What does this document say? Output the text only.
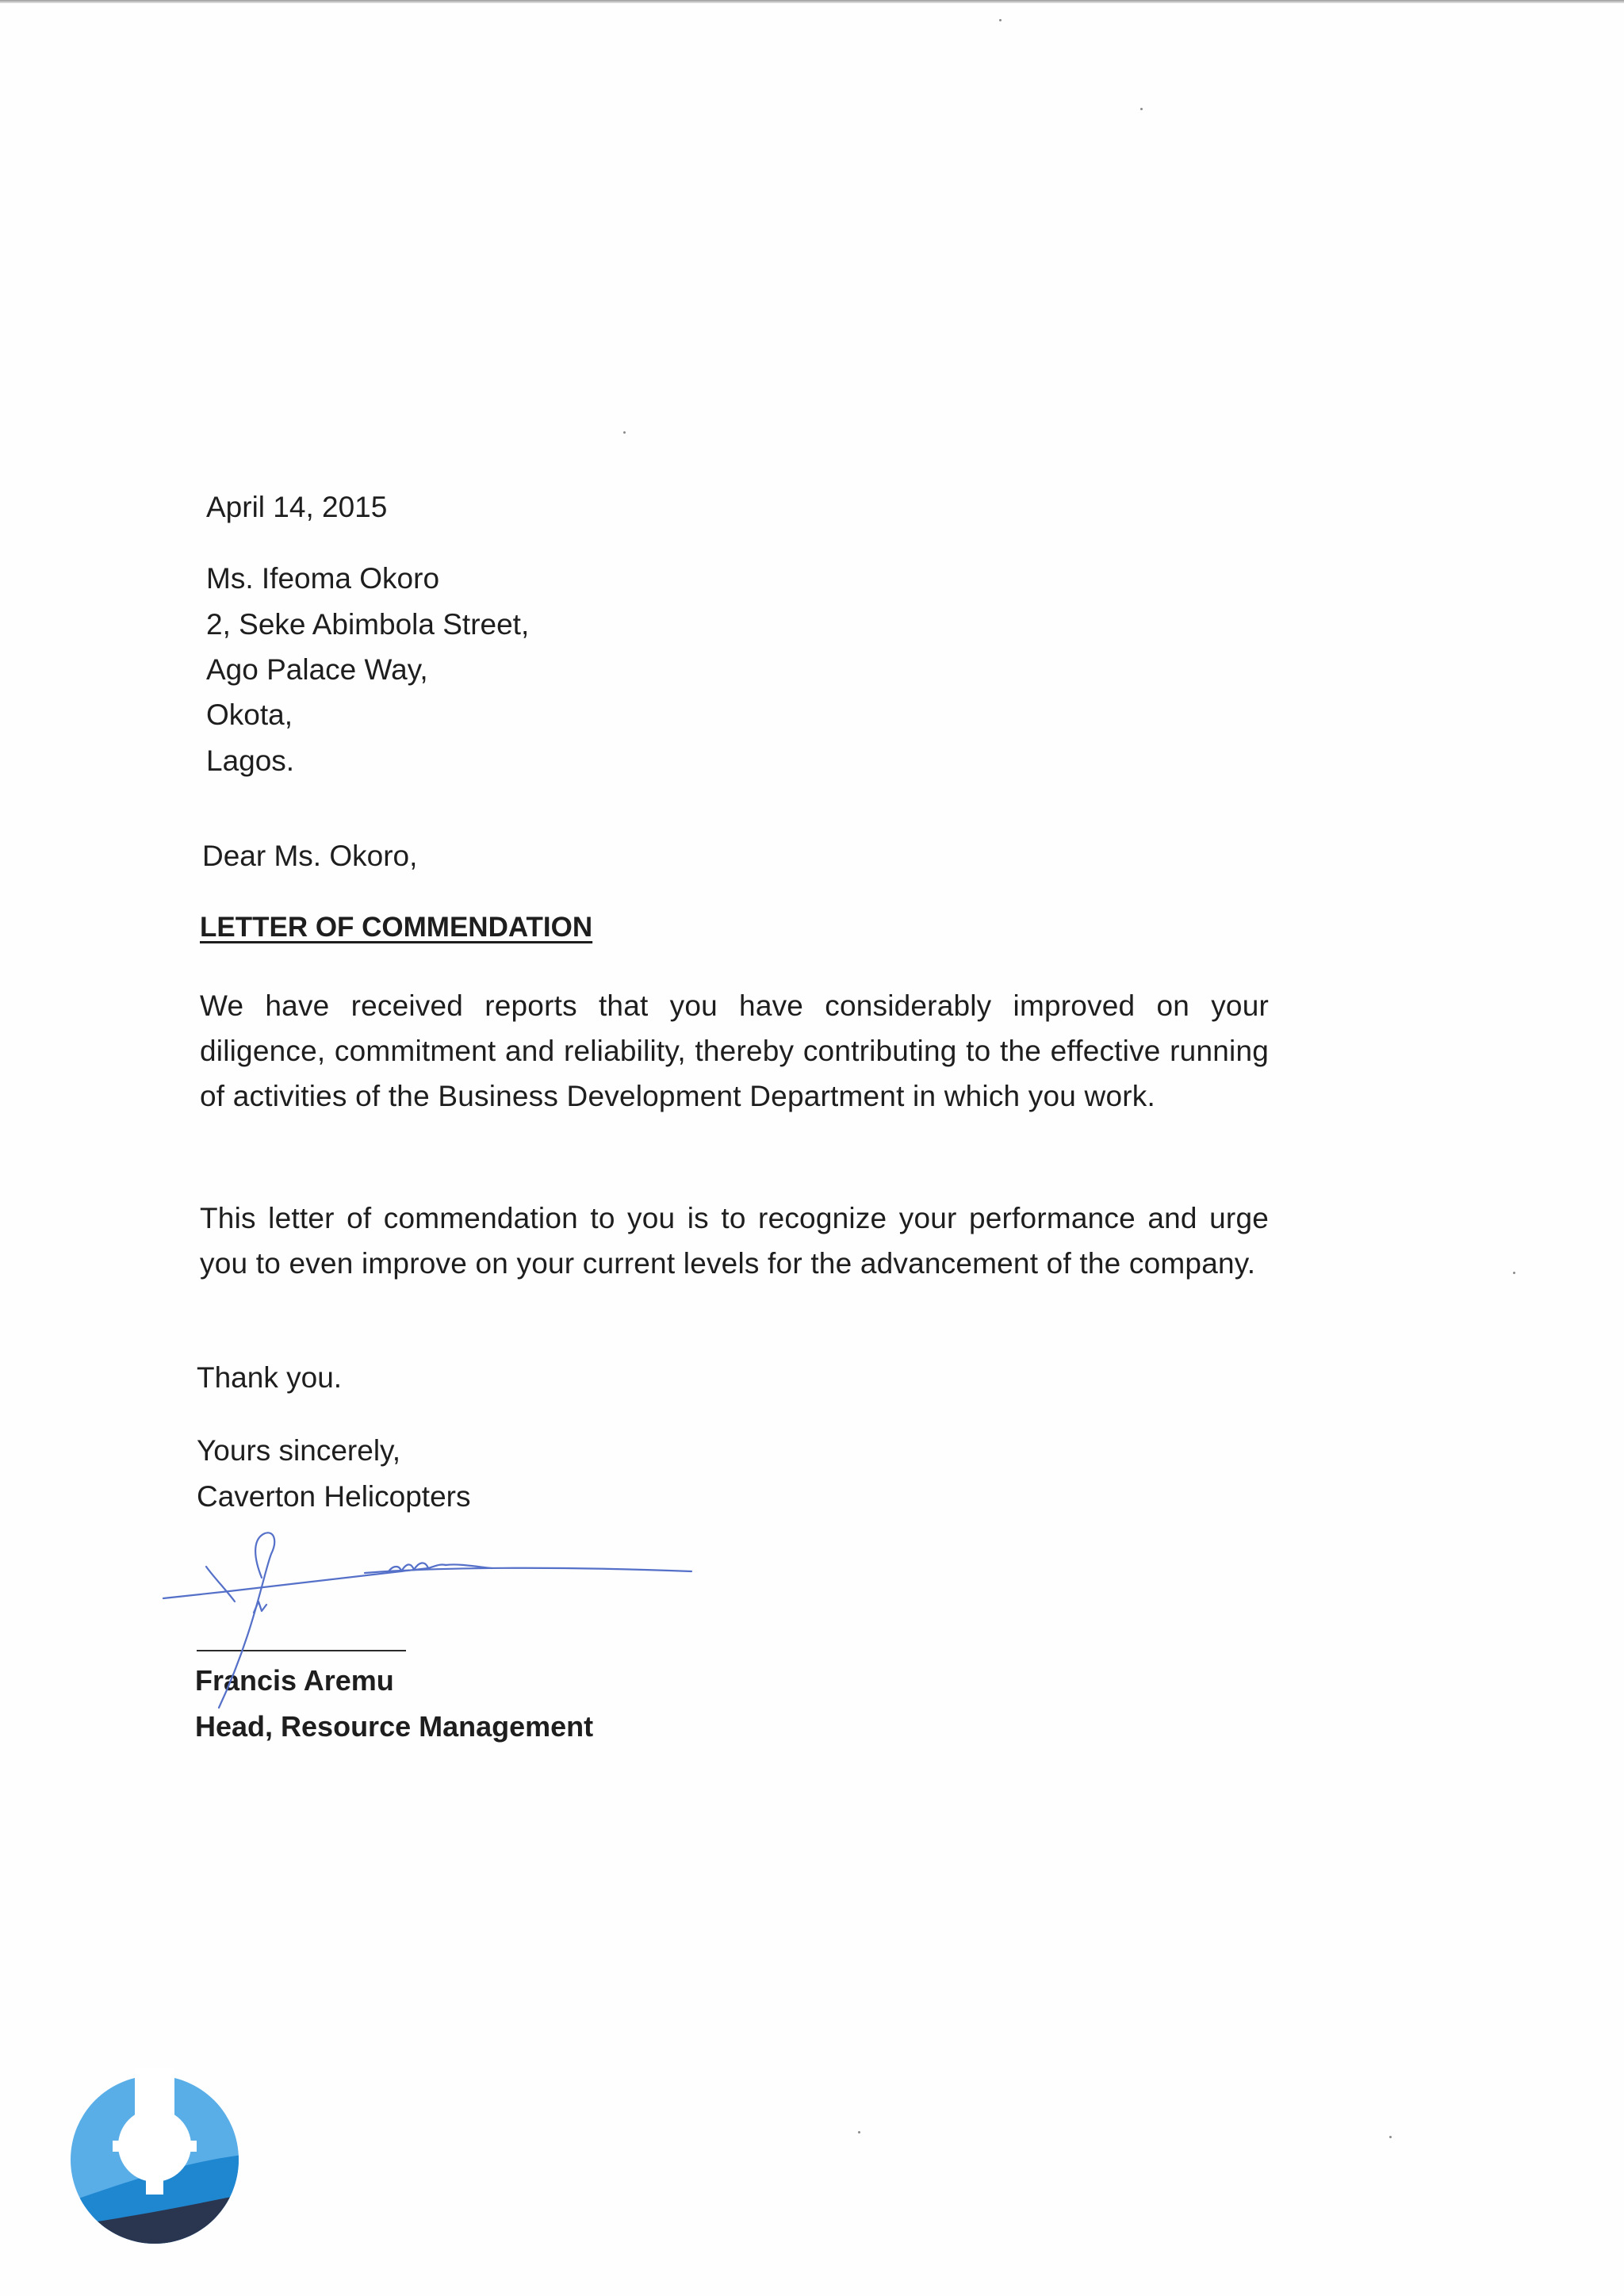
April 14, 2015
Ms. Ifeoma Okoro
2, Seke Abimbola Street,
Ago Palace Way,
Okota,
Lagos.
Dear Ms. Okoro,
LETTER OF COMMENDATION
We have received reports that you have considerably improved on your diligence, commitment and reliability, thereby contributing to the effective running of activities of the Business Development Department in which you work.
This letter of commendation to you is to recognize your performance and urge you to even improve on your current levels for the advancement of the company.
Thank you.
Yours sincerely,
Caverton Helicopters
Francis Aremu
Head, Resource Management
